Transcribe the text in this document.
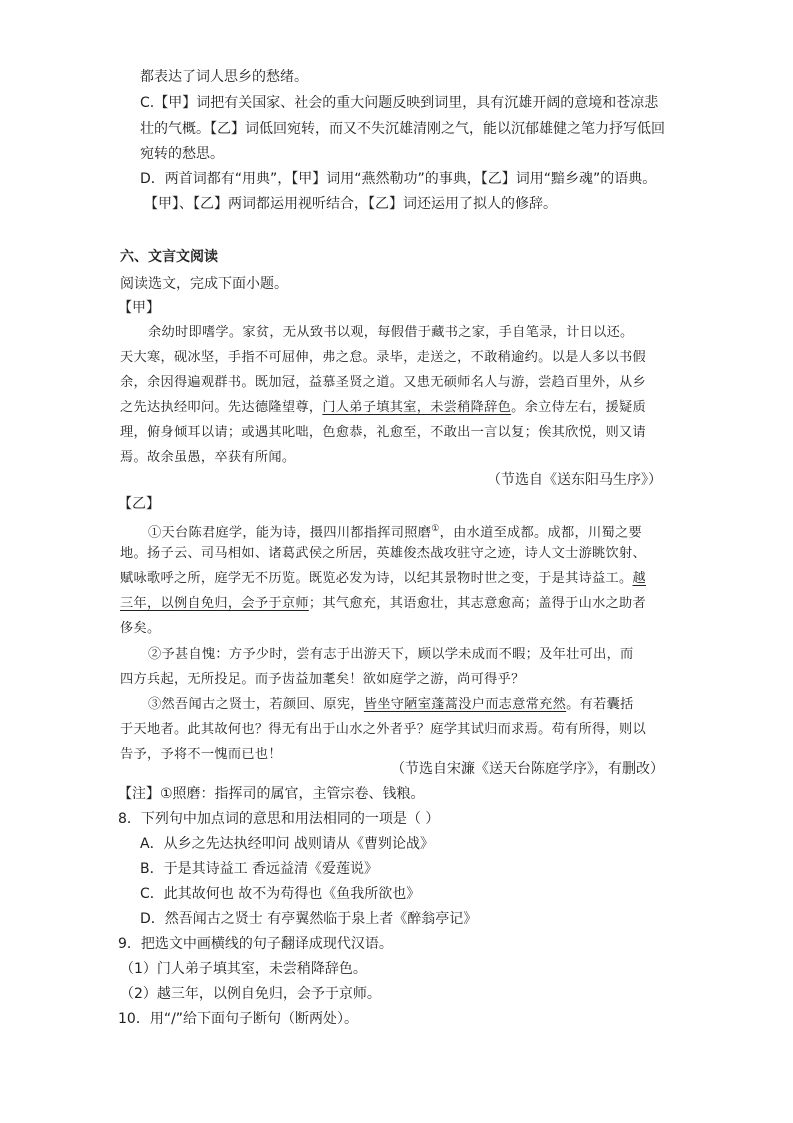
都表达了词人思乡的愁绪。
C.【甲】词把有关国家、社会的重大问题反映到词里，具有沉雄开阔的意境和苍凉悲
壮的气概。【乙】词低回宛转，而又不失沉雄清刚之气，能以沉郁雄健之笔力抒写低回
宛转的愁思。
D．两首词都有“用典”，【甲】词用“燕然勒功”的事典，【乙】词用“黯乡魂”的语典。
【甲】、【乙】两词都运用视听结合，【乙】词还运用了拟人的修辞。
六、文言文阅读
阅读选文，完成下面小题。
【甲】
余幼时即嗜学。家贫，无从致书以观，每假借于藏书之家，手自笔录，计日以还。
天大寒，砚冰坚，手指不可屈伸，弗之怠。录毕，走送之，不敢稍逾约。以是人多以书假
余，余因得遍观群书。既加冠，益慕圣贤之道。又患无硕师名人与游，尝趋百里外，从乡
之先达执经叩问。先达德隆望尊，门人弟子填其室，未尝稍降辞色。余立侍左右，援疑质
理，俯身倾耳以请；或遇其叱咄，色愈恭，礼愈至，不敢出一言以复；俟其欣悦，则又请
焉。故余虽愚，卒获有所闻。
（节选自《送东阳马生序》）
【乙】
①天台陈君庭学，能为诗，摄四川都指挥司照磨①，由水道至成都。成都，川蜀之要
地。扬子云、司马相如、诸葛武侯之所居，英雄俊杰战攻驻守之迹，诗人文士游眺饮射、
赋咏歌呼之所，庭学无不历览。既览必发为诗，以纪其景物时世之变，于是其诗益工。越
三年，以例自免归，会予于京师；其气愈充，其语愈壮，其志意愈高；盖得于山水之助者
侈矣。
②予甚自愧：方予少时，尝有志于出游天下，顾以学未成而不暇；及年壮可出，而
四方兵起，无所投足。而予齿益加耄矣！欲如庭学之游，尚可得乎？
③然吾闻古之贤士，若颜回、原宪，皆坐守陋室蓬蒿没户而志意常充然。有若囊括
于天地者。此其故何也？得无有出于山水之外者乎？庭学其试归而求焉。苟有所得，则以
告予，予将不一愧而已也！
（节选自宋濂《送天台陈庭学序》，有删改）
【注】①照磨：指挥司的属官，主管宗卷、钱粮。
8．下列句中加点词的意思和用法相同的一项是（ ）
A．从乡之先达执经叩问 战则请从《曹刿论战》
B．于是其诗益工 香远益清《爱莲说》
C．此其故何也 故不为苟得也《鱼我所欲也》
D．然吾闻古之贤士 有亭翼然临于泉上者《醉翁亭记》
9．把选文中画横线的句子翻译成现代汉语。
（1）门人弟子填其室，未尝稍降辞色。
（2）越三年，以例自免归，会予于京师。
10．用“/”给下面句子断句（断两处）。
